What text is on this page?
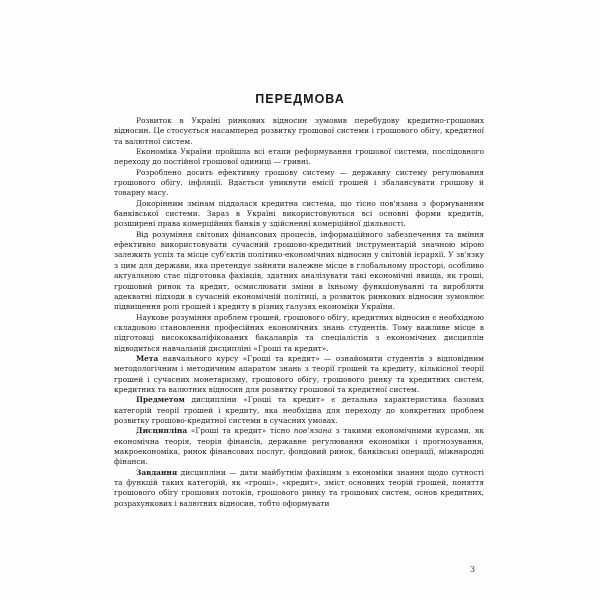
ПЕРЕДМОВА

Розвиток в Україні ринкових відносин зумовив перебудову кредитно-грошових відносин. Це стосується насамперед розвитку грошової системи і грошового обігу, кредитної та валютної систем.

Економіка України пройшла всі етапи реформування грошової системи, послідовного переходу до постійної грошової одиниці — гривні.

Розроблено досить ефективну грошову систему — державну систему регулювання грошового обігу, інфляції. Вдається уникнути емісії грошей і збалансувати грошову й товарну масу.

Докорінним змінам піддалася кредитна система, що тісно пов'язана з формуванням банківської системи. Зараз в Україні використовуються всі основні форми кредитів, розширені права комерційних банків у здійсненні комерційної діяльності.

Від розуміння світових фінансових процесів, інформаційного забезпечення та вміння ефективно використовувати сучасний грошово-кредитний інструментарій значною мірою залежить успіх та місце суб'єктів політико-економічних відносин у світовій ієрархії. У зв'язку з цим для держави, яка претендує зайняти належне місце в глобальному просторі, особливо актуальною стає підготовка фахівців, здатних аналізувати такі економічні явища, як гроші, грошовий ринок та кредит, осмислювати зміни в їхньому функціонуванні та виробляти адекватні підходи в сучасній економічній політиці, а розвиток ринкових відносин зумовлює підвищення ролі грошей і кредиту в різних галузях економіки України.

Наукове розуміння проблем грошей, грошового обігу, кредитних відносин є необхідною складовою становлення професійних економічних знань студентів. Тому важливе місце в підготовці висококваліфікованих бакалаврів та спеціалістів з економічних дисциплін відводиться навчальній дисципліні «Гроші та кредит».

Мета навчального курсу «Гроші та кредит» — ознайомити студентів з відповідним методологічним і методичним апаратом знань з теорії грошей та кредиту, кількісної теорії грошей і сучасних монетаризму, грошового обігу, грошового ринку та кредитних систем, кредитних та валютних відносин для розвитку грошової та кредитної систем.

Предметом дисципліни «Гроші та кредит» є детальна характеристика базових категорій теорії грошей і кредиту, яка необхідна для переходу до конкретних проблем розвитку грошово-кредитної системи в сучасних умовах.

Дисципліна «Гроші та кредит» тісно пов'язана з такими економічними курсами, як економічна теорія, теорія фінансів, державне регулювання економіки і прогнозування, макроекономіка, ринок фінансових послуг, фондовий ринок, банківські операції, міжнародні фінанси.

Завдання дисципліни — дати майбутнім фахівцям з економіки знання щодо сутності та функцій таких категорій, як «гроші», «кредит», зміст основних теорій грошей, поняття грошового обігу грошових потоків, грошового ринку та грошових систем, основ кредитних, розрахункових і валютних відносин, тобто оформувати

3
